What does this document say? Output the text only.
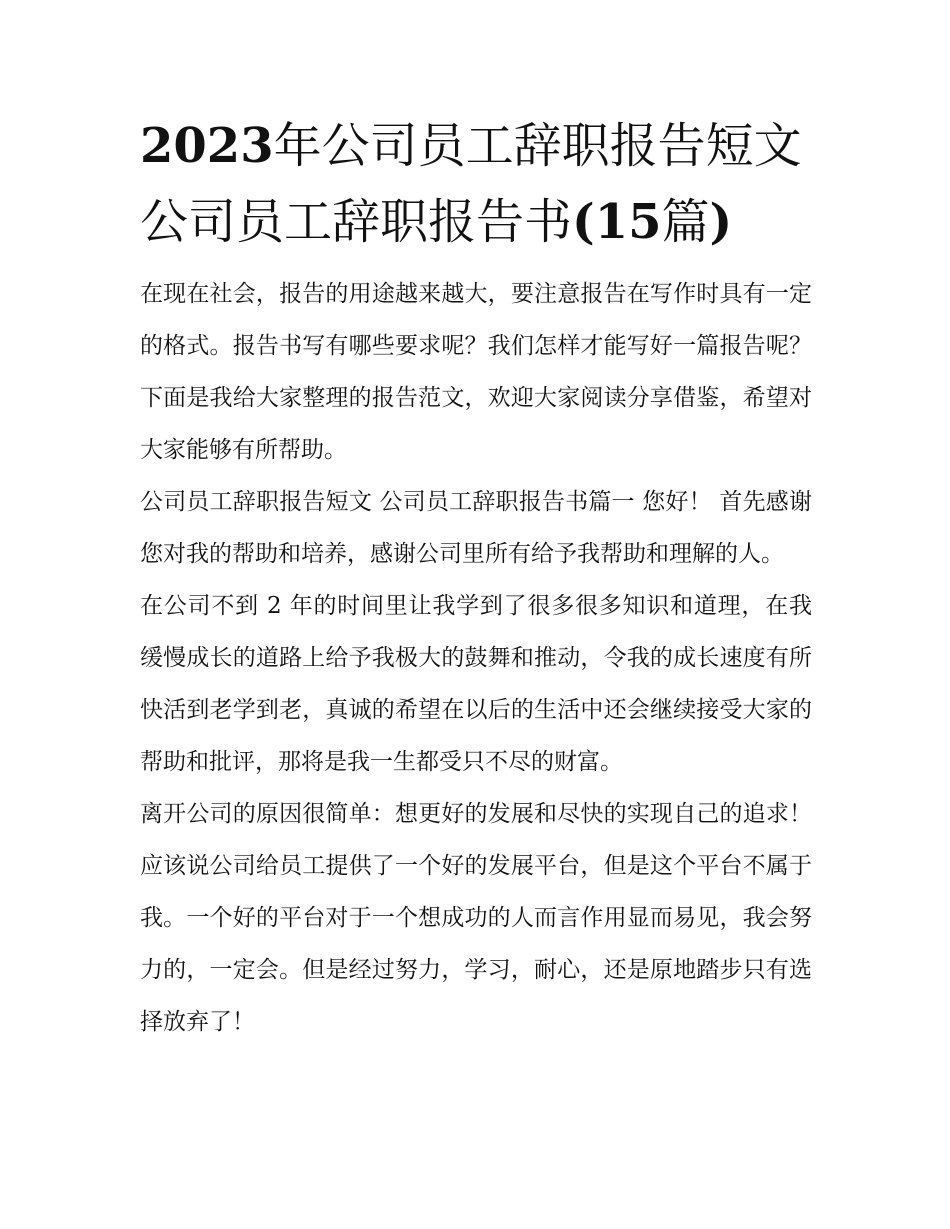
2023年公司员工辞职报告短文
公司员工辞职报告书(15篇)

在现在社会，报告的用途越来越大，要注意报告在写作时具有一定的格式。报告书写有哪些要求呢？我们怎样才能写好一篇报告呢？下面是我给大家整理的报告范文，欢迎大家阅读分享借鉴，希望对大家能够有所帮助。

公司员工辞职报告短文 公司员工辞职报告书篇一 您好！ 首先感谢您对我的帮助和培养，感谢公司里所有给予我帮助和理解的人。

在公司不到 2 年的时间里让我学到了很多很多知识和道理，在我缓慢成长的道路上给予我极大的鼓舞和推动，令我的成长速度有所快活到老学到老，真诚的希望在以后的生活中还会继续接受大家的帮助和批评，那将是我一生都受只不尽的财富。

离开公司的原因很简单：想更好的发展和尽快的实现自己的追求！应该说公司给员工提供了一个好的发展平台，但是这个平台不属于我。一个好的平台对于一个想成功的人而言作用显而易见，我会努力的，一定会。但是经过努力，学习，耐心，还是原地踏步只有选择放弃了！
